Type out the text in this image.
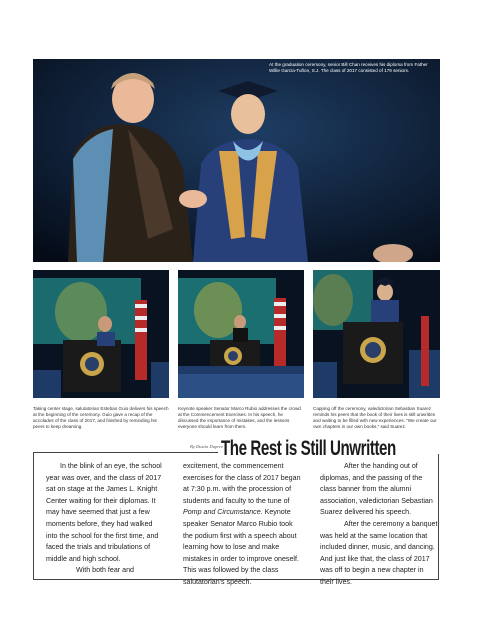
At the graduation ceremony, senior Bill Chan receives his diploma from Father Willie Garcia-Tuñon, S.J. The class of 2017 consisted of 179 seniors.
Taking center stage, salutatorian Esteban Guio delivers his speech at the beginning of the ceremony. Guio gave a recap of the accolades of the class of 2017, and finished by reminding his peers to keep dreaming.
Keynote speaker Senator Marco Rubio addresses the crowd at the Commencement Exercises. In his speech, he discussed the importance of mistakes, and the lessons everyone should learn from them.
Capping off the ceremony, valedictorian Sebastian Suarez reminds his peers that the book of their lives is still unwritten and waiting to be filled with new experiences. "We create our own chapters in our own books," said Suarez.
By Dustin Dupree
The Rest is Still Unwritten

In the blink of an eye, the school year was over, and the class of 2017 sat on stage at the James L. Knight Center waiting for their diplomas. It may have seemed that just a few moments before, they had walked into the school for the first time, and faced the trials and tribulations of middle and high school.

With both fear and

excitement, the commencement exercises for the class of 2017 began at 7:30 p.m. with the procession of students and faculty to the tune of Pomp and Circumstance. Keynote speaker Senator Marco Rubio took the podium first with a speech about learning how to lose and make mistakes in order to improve oneself. This was followed by the class salutatorian's speech.

After the handing out of diplomas, and the passing of the class banner from the alumni association, valedictorian Sebastian Suarez delivered his speech.

After the ceremony a banquet was held at the same location that included dinner, music, and dancing. And just like that, the class of 2017 was off to begin a new chapter in their lives.
